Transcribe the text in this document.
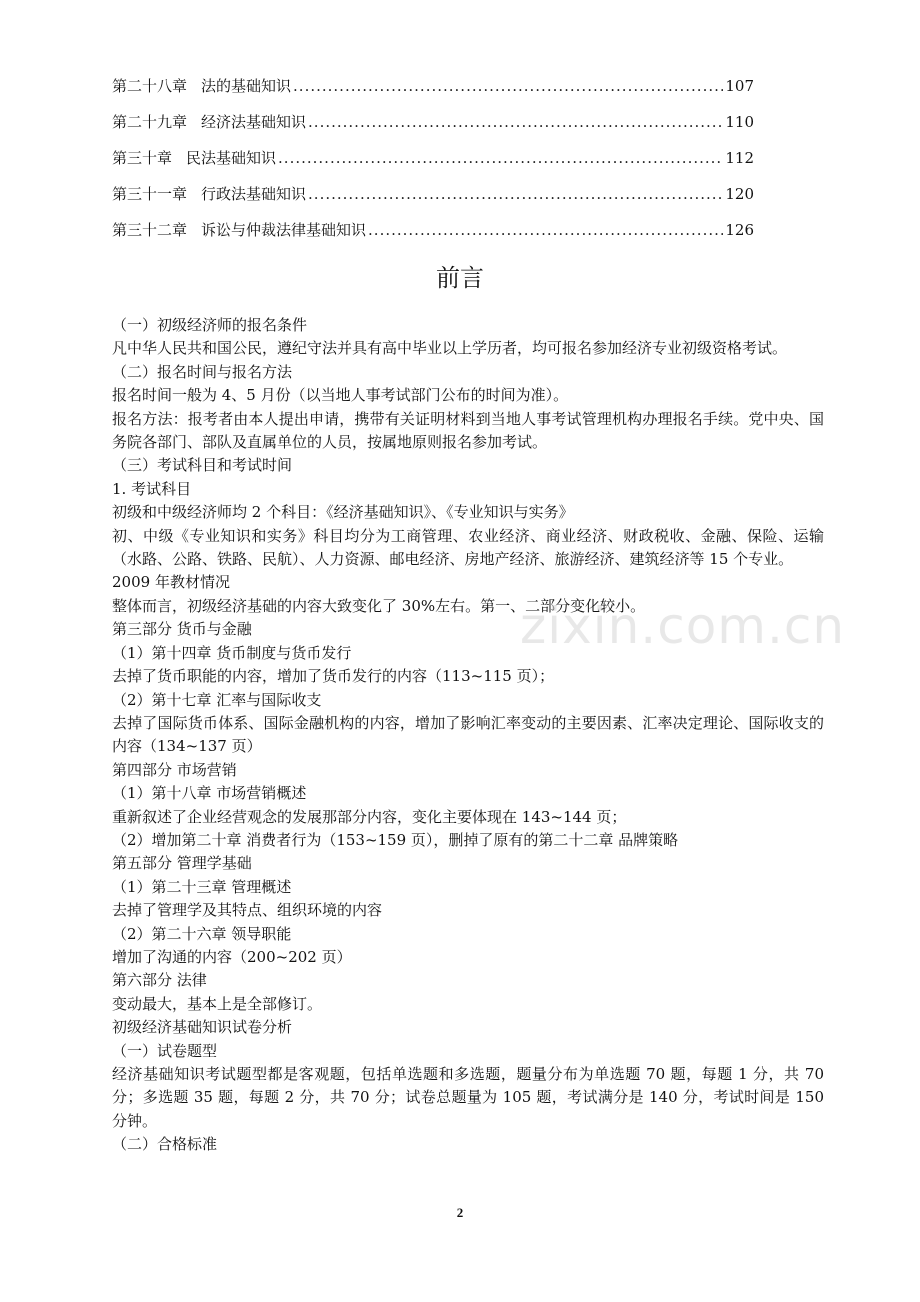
第二十八章 法的基础知识 .....	107
第二十九章 经济法基础知识 .....	110
第三十章 民法基础知识 .....	112
第三十一章 行政法基础知识 .....	120
第三十二章 诉讼与仲裁法律基础知识 .....	126
前言

（一）初级经济师的报名条件

凡中华人民共和国公民，遵纪守法并具有高中毕业以上学历者，均可报名参加经济专业初级资格考试。

（二）报名时间与报名方法

报名时间一般为 4、5 月份（以当地人事考试部门公布的时间为准）。

报名方法：报考者由本人提出申请，携带有关证明材料到当地人事考试管理机构办理报名手续。党中央、国务院各部门、部队及直属单位的人员，按属地原则报名参加考试。

（三）考试科目和考试时间

1. 考试科目

初级和中级经济师均 2 个科目：《经济基础知识》、《专业知识与实务》

初、中级《专业知识和实务》科目均分为工商管理、农业经济、商业经济、财政税收、金融、保险、运输（水路、公路、铁路、民航）、人力资源、邮电经济、房地产经济、旅游经济、建筑经济等 15 个专业。

2009 年教材情况

整体而言，初级经济基础的内容大致变化了 30%左右。第一、二部分变化较小。

第三部分 货币与金融

（1）第十四章 货币制度与货币发行

去掉了货币职能的内容，增加了货币发行的内容（113~115 页）；

（2）第十七章 汇率与国际收支

去掉了国际货币体系、国际金融机构的内容，增加了影响汇率变动的主要因素、汇率决定理论、国际收支的内容（134~137 页）

第四部分 市场营销

（1）第十八章 市场营销概述

重新叙述了企业经营观念的发展那部分内容，变化主要体现在 143~144 页；

（2）增加第二十章 消费者行为（153~159 页），删掉了原有的第二十二章 品牌策略

第五部分 管理学基础

（1）第二十三章 管理概述

去掉了管理学及其特点、组织环境的内容

（2）第二十六章 领导职能

增加了沟通的内容（200~202 页）

第六部分 法律

变动最大，基本上是全部修订。

初级经济基础知识试卷分析

（一）试卷题型

经济基础知识考试题型都是客观题，包括单选题和多选题，题量分布为单选题 70 题，每题 1 分，共 70 分；多选题 35 题，每题 2 分，共 70 分；试卷总题量为 105 题，考试满分是 140 分，考试时间是 150 分钟。

（二）合格标准

zixin.com.cn
2
